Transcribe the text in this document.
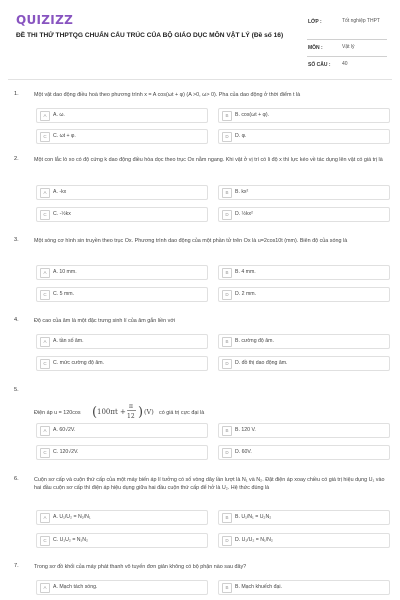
QUIZIZZ
ĐỀ THI THỬ THPTQG CHUẨN CẤU TRÚC CỦA BỘ GIÁO DỤC MÔN VẬT LÝ (Đề số 16)
LỚP :	Tốt nghiệp THPT
MÔN :	Vật lý
SỐ CÂU : 40
1.	Một vật dao động điều hoà theo phương trình x = A cos(ωt + φ) (A >0, ω> 0). Pha của dao động ở thời điểm t là
A	A. ω.	B	B. cos(ωt + φ).
C	C. ωt + φ.	D	D. φ.
2.	Một con lắc lò xo có độ cứng k dao động điều hòa dọc theo trục Ox nằm ngang. Khi vật ở vị trí có li độ x thì lực kéo về tác dụng lên vật có giá trị là
A	A. -kx	B	B. kx²
C	C. -½kx	D	D. ½kx²
3.	Một sóng cơ hình sin truyền theo trục Ox. Phương trình dao động của một phần tử trên Ox là u=2cos10t (mm). Biên độ của sóng là
A	A. 10 mm.	B	B. 4 mm.
C	C. 5 mm.	D	D. 2 mm.
4.	Độ cao của âm là một đặc trưng sinh lí của âm gắn liền với
A	A. tần số âm.	B	B. cường độ âm.
C	C. mức cường độ âm.	D	D. đồ thị dao động âm.
5.
Điện áp u = 120cos ( 100πt +
π
12 ) (V) có giá trị cực đại là
A	A. 60√2V.	B	B. 120 V.
C	C. 120√2V.	D	D. 60V.
6.	Cuộn sơ cấp và cuộn thứ cấp của một máy biến áp lí tưởng có số vòng dây lần lượt là N₁ và N₂. Đặt điện áp xoay chiều có giá trị hiệu dụng U₁ vào hai đầu cuộn sơ cấp thì điện áp hiệu dụng giữa hai đầu cuộn thứ cấp để hở là U₂. Hệ thức đúng là
A	A. U₁/U₂ = N₂/N₁	B	B. U₁/N₁ = U₂N₂
C	C. U₁U₂ = N₁N₂	D	D. U₁/U₂ = N₁/N₂
7.	Trong sơ đồ khối của máy phát thanh vô tuyến đơn giản không có bộ phận nào sau đây?
A	A. Mạch tách sóng.	B	B. Mạch khuếch đại.
